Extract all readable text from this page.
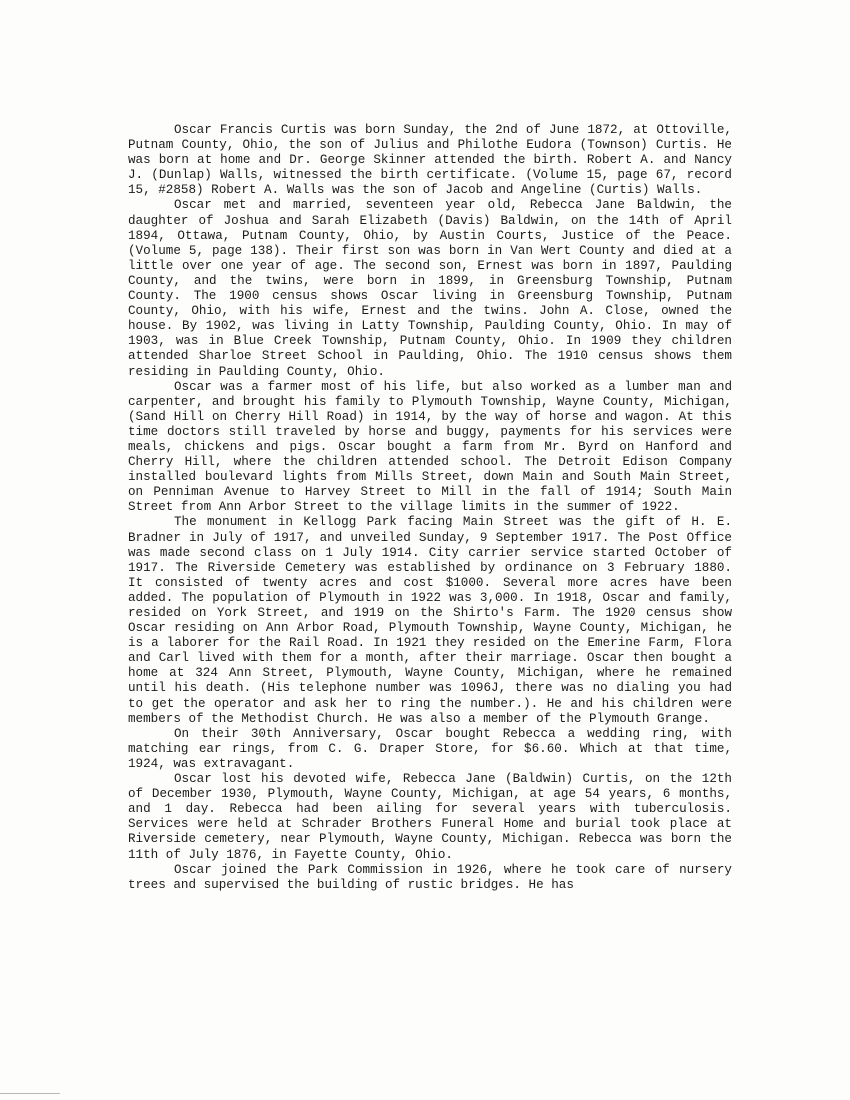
Oscar Francis Curtis was born Sunday, the 2nd of June 1872, at Ottoville, Putnam County, Ohio, the son of Julius and Philothe Eudora (Townson) Curtis. He was born at home and Dr. George Skinner attended the birth. Robert A. and Nancy J. (Dunlap) Walls, witnessed the birth certificate. (Volume 15, page 67, record 15, #2858) Robert A. Walls was the son of Jacob and Angeline (Curtis) Walls.

Oscar met and married, seventeen year old, Rebecca Jane Baldwin, the daughter of Joshua and Sarah Elizabeth (Davis) Baldwin, on the 14th of April 1894, Ottawa, Putnam County, Ohio, by Austin Courts, Justice of the Peace. (Volume 5, page 138). Their first son was born in Van Wert County and died at a little over one year of age. The second son, Ernest was born in 1897, Paulding County, and the twins, were born in 1899, in Greensburg Township, Putnam County. The 1900 census shows Oscar living in Greensburg Township, Putnam County, Ohio, with his wife, Ernest and the twins. John A. Close, owned the house. By 1902, was living in Latty Township, Paulding County, Ohio. In may of 1903, was in Blue Creek Township, Putnam County, Ohio. In 1909 they children attended Sharloe Street School in Paulding, Ohio. The 1910 census shows them residing in Paulding County, Ohio.

Oscar was a farmer most of his life, but also worked as a lumber man and carpenter, and brought his family to Plymouth Township, Wayne County, Michigan, (Sand Hill on Cherry Hill Road) in 1914, by the way of horse and wagon. At this time doctors still traveled by horse and buggy, payments for his services were meals, chickens and pigs. Oscar bought a farm from Mr. Byrd on Hanford and Cherry Hill, where the children attended school. The Detroit Edison Company installed boulevard lights from Mills Street, down Main and South Main Street, on Penniman Avenue to Harvey Street to Mill in the fall of 1914; South Main Street from Ann Arbor Street to the village limits in the summer of 1922.

The monument in Kellogg Park facing Main Street was the gift of H. E. Bradner in July of 1917, and unveiled Sunday, 9 September 1917. The Post Office was made second class on 1 July 1914. City carrier service started October of 1917. The Riverside Cemetery was established by ordinance on 3 February 1880. It consisted of twenty acres and cost $1000. Several more acres have been added. The population of Plymouth in 1922 was 3,000. In 1918, Oscar and family, resided on York Street, and 1919 on the Shirto's Farm. The 1920 census show Oscar residing on Ann Arbor Road, Plymouth Township, Wayne County, Michigan, he is a laborer for the Rail Road. In 1921 they resided on the Emerine Farm, Flora and Carl lived with them for a month, after their marriage. Oscar then bought a home at 324 Ann Street, Plymouth, Wayne County, Michigan, where he remained until his death. (His telephone number was 1096J, there was no dialing you had to get the operator and ask her to ring the number.). He and his children were members of the Methodist Church. He was also a member of the Plymouth Grange.

On their 30th Anniversary, Oscar bought Rebecca a wedding ring, with matching ear rings, from C. G. Draper Store, for $6.60. Which at that time, 1924, was extravagant.

Oscar lost his devoted wife, Rebecca Jane (Baldwin) Curtis, on the 12th of December 1930, Plymouth, Wayne County, Michigan, at age 54 years, 6 months, and 1 day. Rebecca had been ailing for several years with tuberculosis. Services were held at Schrader Brothers Funeral Home and burial took place at Riverside cemetery, near Plymouth, Wayne County, Michigan. Rebecca was born the 11th of July 1876, in Fayette County, Ohio.

Oscar joined the Park Commission in 1926, where he took care of nursery trees and supervised the building of rustic bridges. He has
